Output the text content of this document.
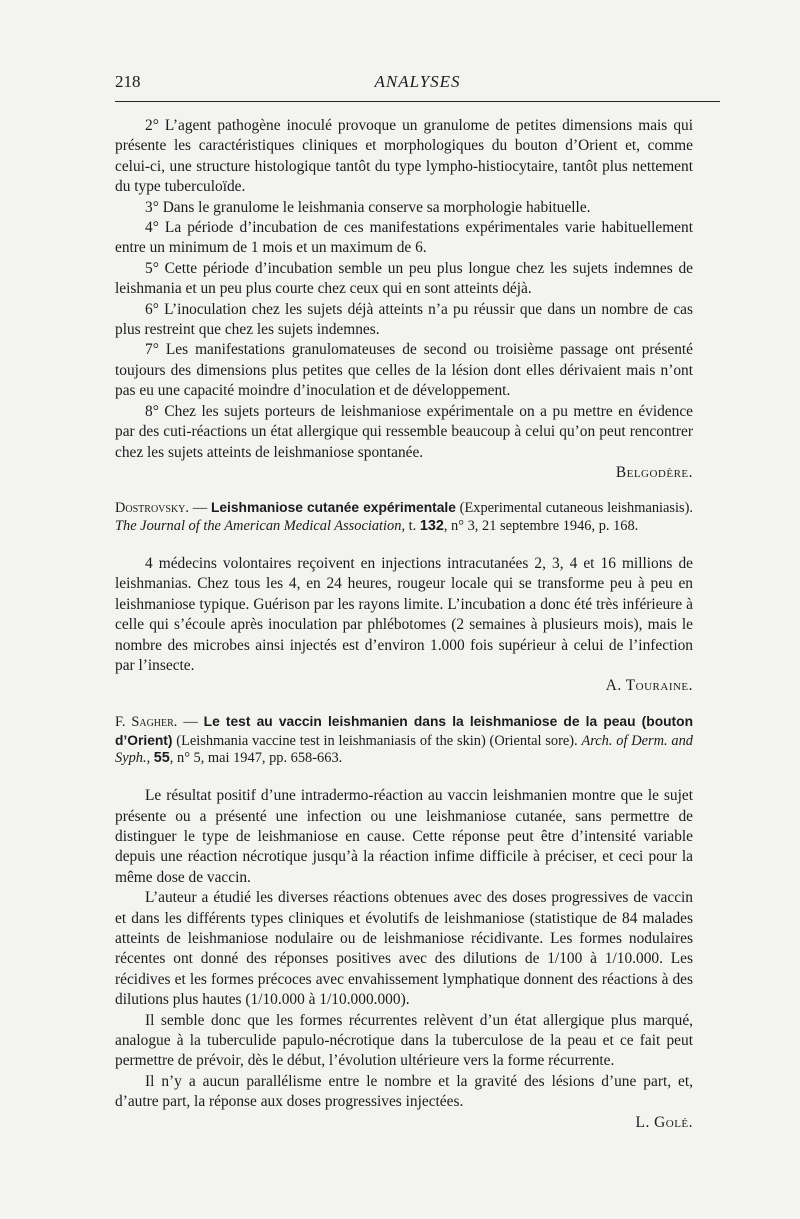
218	ANALYSES

2° L’agent pathogène inoculé provoque un granulome de petites dimensions mais qui présente les caractéristiques cliniques et morphologiques du bouton d’Orient et, comme celui-ci, une structure histologique tantôt du type lympho-histiocytaire, tantôt plus nettement du type tuberculoïde.

3° Dans le granulome le leishmania conserve sa morphologie habituelle.

4° La période d’incubation de ces manifestations expérimentales varie habituellement entre un minimum de 1 mois et un maximum de 6.

5° Cette période d’incubation semble un peu plus longue chez les sujets indemnes de leishmania et un peu plus courte chez ceux qui en sont atteints déjà.

6° L’inoculation chez les sujets déjà atteints n’a pu réussir que dans un nombre de cas plus restreint que chez les sujets indemnes.

7° Les manifestations granulomateuses de second ou troisième passage ont présenté toujours des dimensions plus petites que celles de la lésion dont elles dérivaient mais n’ont pas eu une capacité moindre d’inoculation et de développement.

8° Chez les sujets porteurs de leishmaniose expérimentale on a pu mettre en évidence par des cuti-réactions un état allergique qui ressemble beaucoup à celui qu’on peut rencontrer chez les sujets atteints de leishmaniose spontanée.

Belgodère.

Dostrovsky. — Leishmaniose cutanée expérimentale (Experimental cutaneous leishmaniasis). The Journal of the American Medical Association, t. 132, n° 3, 21 septembre 1946, p. 168.

4 médecins volontaires reçoivent en injections intracutanées 2, 3, 4 et 16 millions de leishmanias. Chez tous les 4, en 24 heures, rougeur locale qui se transforme peu à peu en leishmaniose typique. Guérison par les rayons limite. L’incubation a donc été très inférieure à celle qui s’écoule après inoculation par phlébotomes (2 semaines à plusieurs mois), mais le nombre des microbes ainsi injectés est d’environ 1.000 fois supérieur à celui de l’infection par l’insecte.

A. Touraine.

F. Sagher. — Le test au vaccin leishmanien dans la leishmaniose de la peau (bouton d’Orient) (Leishmania vaccine test in leishmaniasis of the skin) (Oriental sore). Arch. of Derm. and Syph., 55, n° 5, mai 1947, pp. 658-663.

Le résultat positif d’une intradermo-réaction au vaccin leishmanien montre que le sujet présente ou a présenté une infection ou une leishmaniose cutanée, sans permettre de distinguer le type de leishmaniose en cause. Cette réponse peut être d’intensité variable depuis une réaction nécrotique jusqu’à la réaction infime difficile à préciser, et ceci pour la même dose de vaccin.

L’auteur a étudié les diverses réactions obtenues avec des doses progressives de vaccin et dans les différents types cliniques et évolutifs de leishmaniose (statistique de 84 malades atteints de leishmaniose nodulaire ou de leishmaniose récidivante. Les formes nodulaires récentes ont donné des réponses positives avec des dilutions de 1/100 à 1/10.000. Les récidives et les formes précoces avec envahissement lymphatique donnent des réactions à des dilutions plus hautes (1/10.000 à 1/10.000.000).

Il semble donc que les formes récurrentes relèvent d’un état allergique plus marqué, analogue à la tuberculide papulo-nécrotique dans la tuberculose de la peau et ce fait peut permettre de prévoir, dès le début, l’évolution ultérieure vers la forme récurrente.

Il n’y a aucun parallélisme entre le nombre et la gravité des lésions d’une part, et, d’autre part, la réponse aux doses progressives injectées.

L. Golé.
